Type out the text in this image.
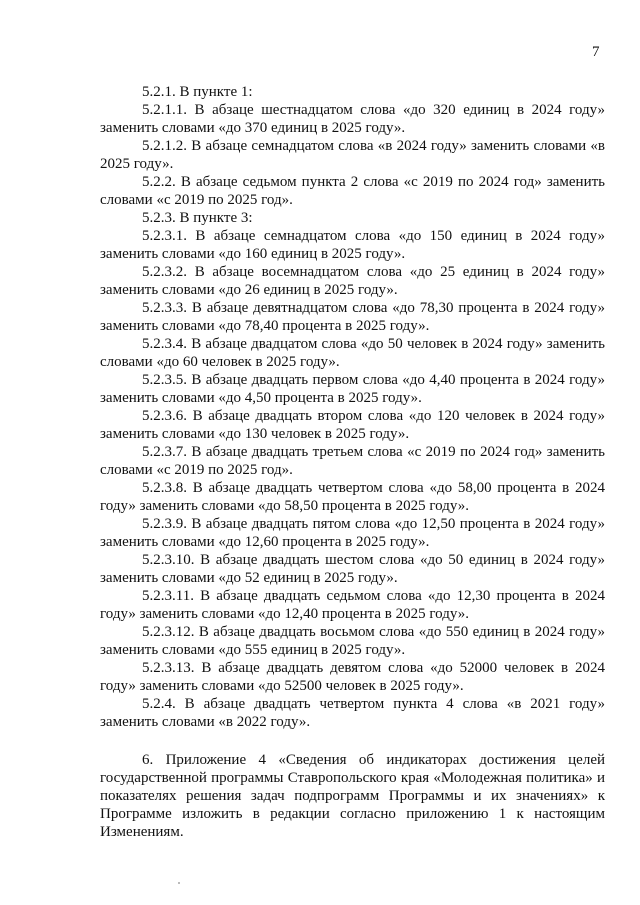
7

5.2.1. В пункте 1:

5.2.1.1. В абзаце шестнадцатом слова «до 320 единиц в 2024 году» заменить словами «до 370 единиц в 2025 году».

5.2.1.2. В абзаце семнадцатом слова «в 2024 году» заменить словами «в 2025 году».

5.2.2. В абзаце седьмом пункта 2 слова «с 2019 по 2024 год» заменить словами «с 2019 по 2025 год».

5.2.3. В пункте 3:

5.2.3.1. В абзаце семнадцатом слова «до 150 единиц в 2024 году» заменить словами «до 160 единиц в 2025 году».

5.2.3.2. В абзаце восемнадцатом слова «до 25 единиц в 2024 году» заменить словами «до 26 единиц в 2025 году».

5.2.3.3. В абзаце девятнадцатом слова «до 78,30 процента в 2024 году» заменить словами «до 78,40 процента в 2025 году».

5.2.3.4. В абзаце двадцатом слова «до 50 человек в 2024 году» заменить словами «до 60 человек в 2025 году».

5.2.3.5. В абзаце двадцать первом слова «до 4,40 процента в 2024 году» заменить словами «до 4,50 процента в 2025 году».

5.2.3.6. В абзаце двадцать втором слова «до 120 человек в 2024 году» заменить словами «до 130 человек в 2025 году».

5.2.3.7. В абзаце двадцать третьем слова «с 2019 по 2024 год» заменить словами «с 2019 по 2025 год».

5.2.3.8. В абзаце двадцать четвертом слова «до 58,00 процента в 2024 году» заменить словами «до 58,50 процента в 2025 году».

5.2.3.9. В абзаце двадцать пятом слова «до 12,50 процента в 2024 году» заменить словами «до 12,60 процента в 2025 году».

5.2.3.10. В абзаце двадцать шестом слова «до 50 единиц в 2024 году» заменить словами «до 52 единиц в 2025 году».

5.2.3.11. В абзаце двадцать седьмом слова «до 12,30 процента в 2024 году» заменить словами «до 12,40 процента в 2025 году».

5.2.3.12. В абзаце двадцать восьмом слова «до 550 единиц в 2024 году» заменить словами «до 555 единиц в 2025 году».

5.2.3.13. В абзаце двадцать девятом слова «до 52000 человек в 2024 году» заменить словами «до 52500 человек в 2025 году».

5.2.4. В абзаце двадцать четвертом пункта 4 слова «в 2021 году» заменить словами «в 2022 году».

6. Приложение 4 «Сведения об индикаторах достижения целей государственной программы Ставропольского края «Молодежная политика» и показателях решения задач подпрограмм Программы и их значениях» к Программе изложить в редакции согласно приложению 1 к настоящим Изменениям.
